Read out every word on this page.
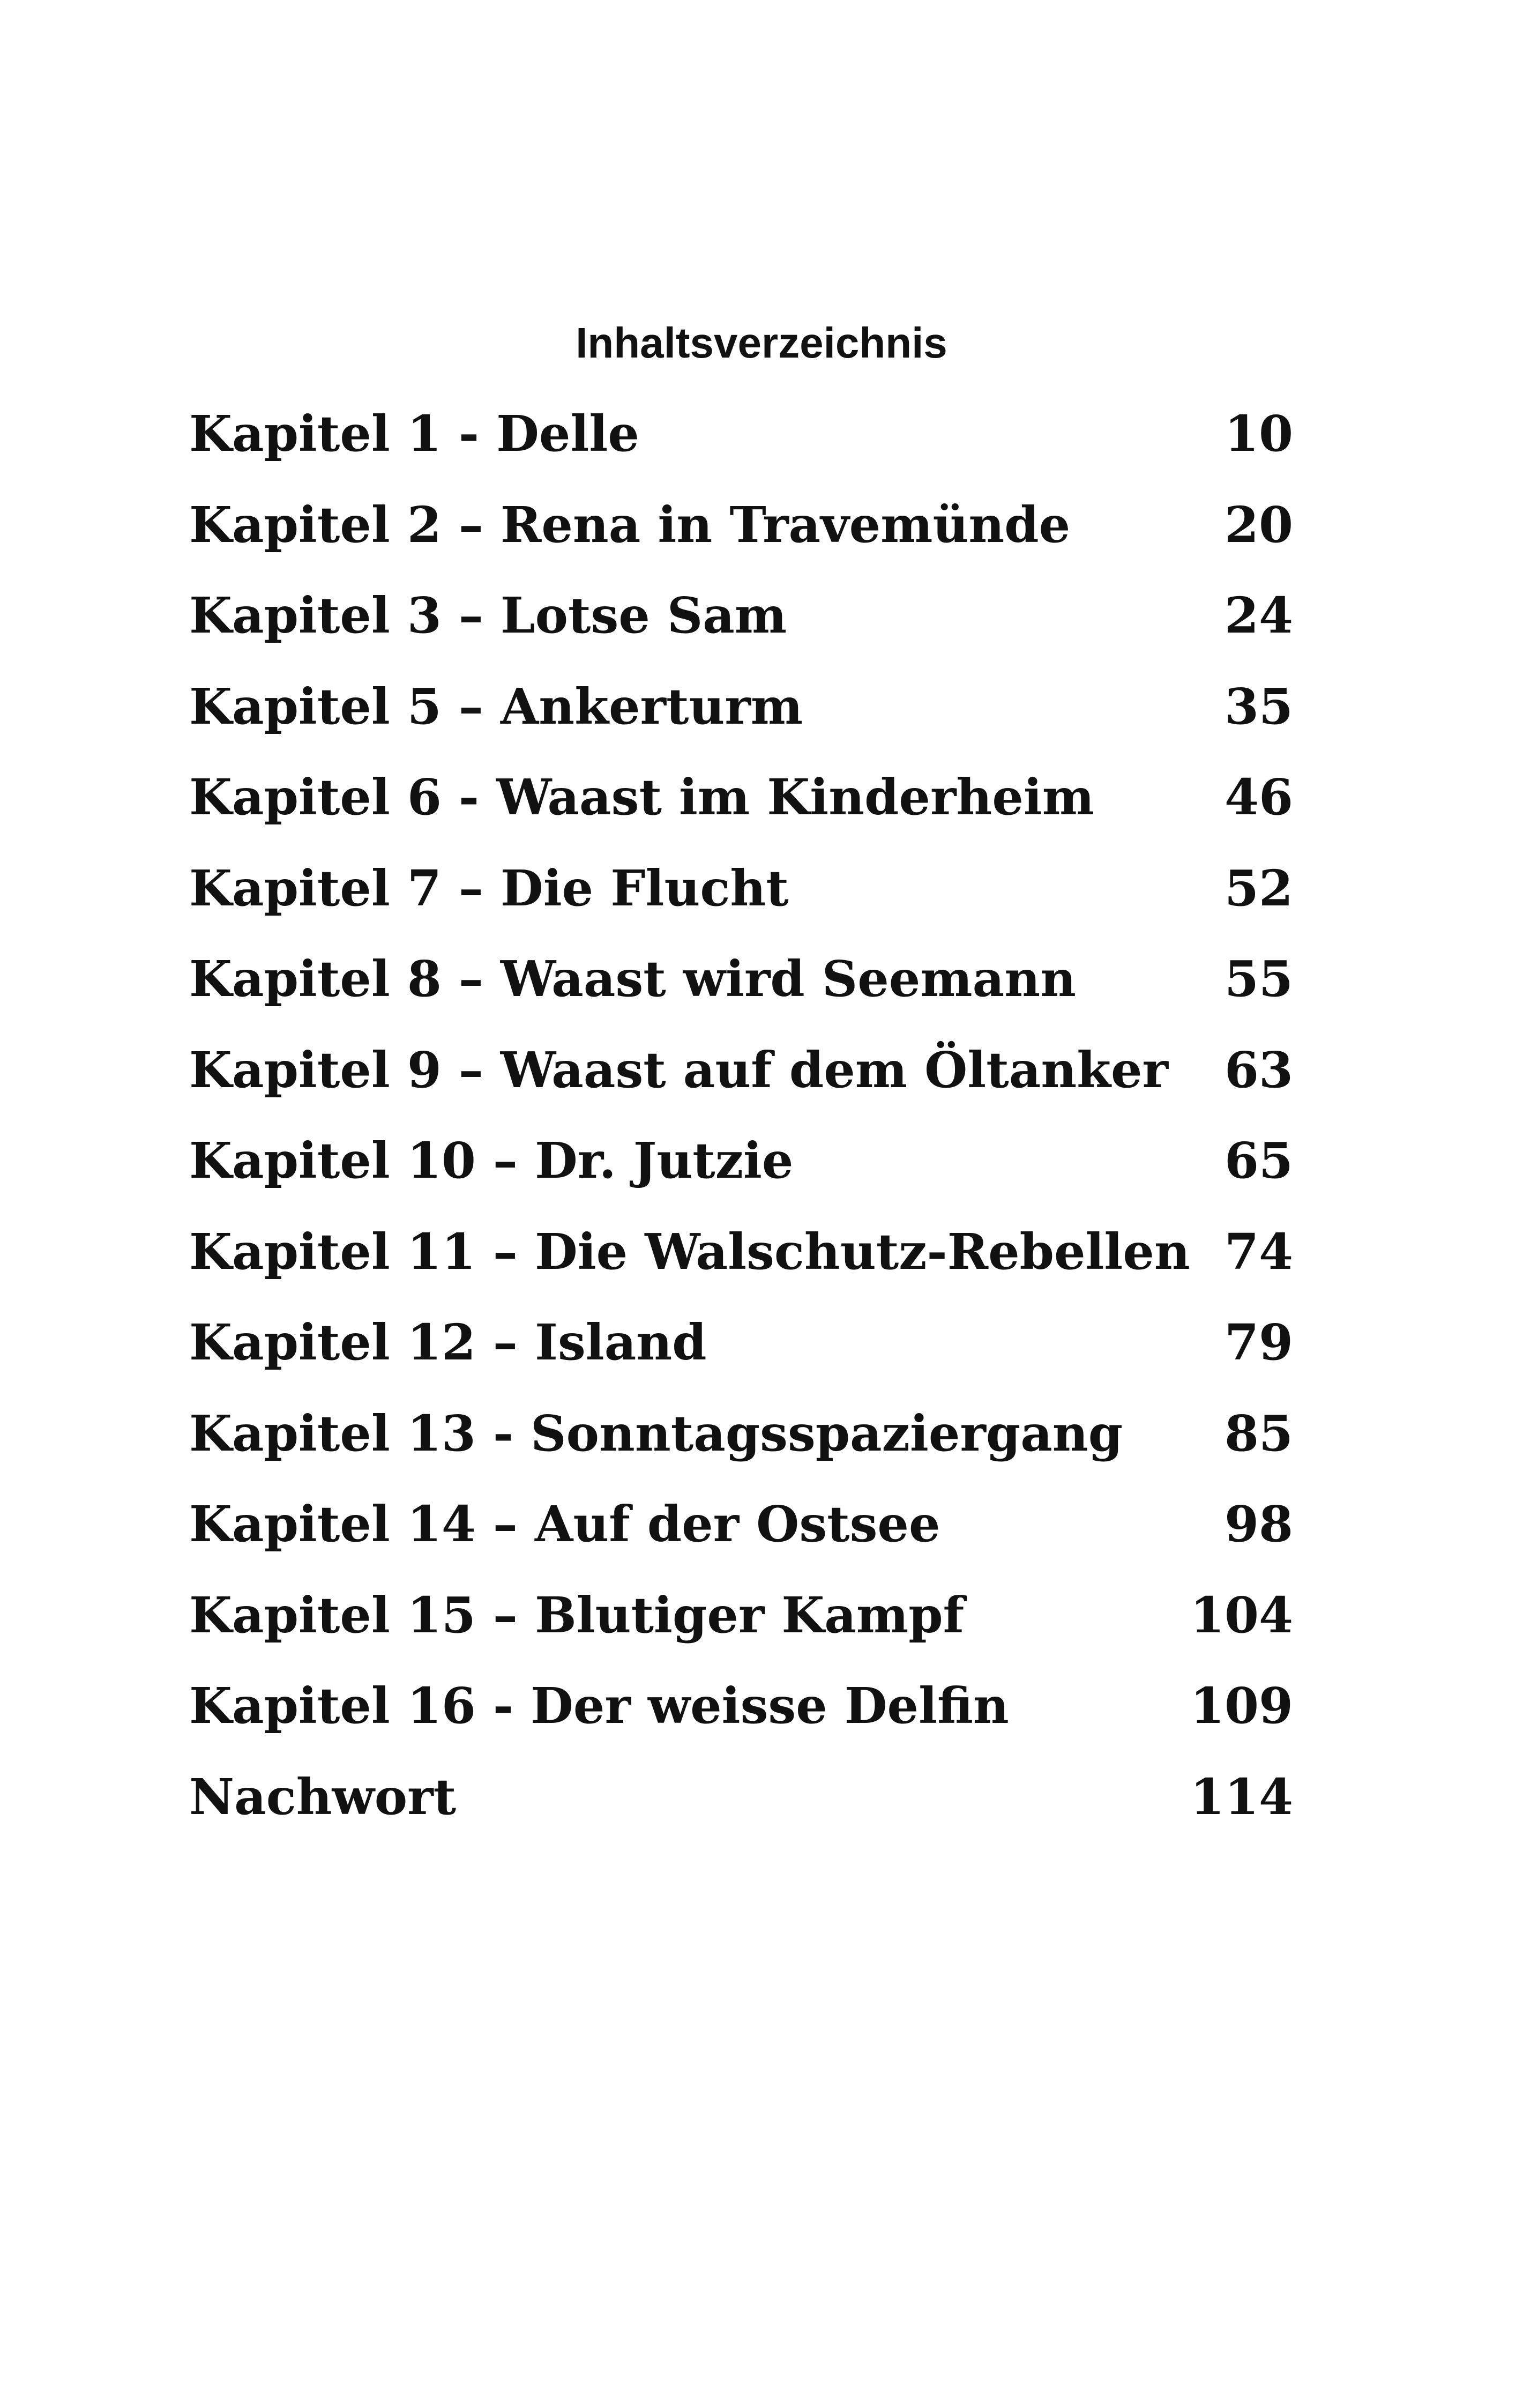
Inhaltsverzeichnis
Kapitel 1 - Delle	10
Kapitel 2 – Rena in Travemünde	20
Kapitel 3 – Lotse Sam	24
Kapitel 5 – Ankerturm	35
Kapitel 6 - Waast im Kinderheim	46
Kapitel 7 – Die Flucht	52
Kapitel 8 – Waast wird Seemann	55
Kapitel 9 – Waast auf dem Öltanker 63
Kapitel 10 – Dr. Jutzie	65
Kapitel 11 – Die Walschutz-Rebellen 74
Kapitel 12 – Island	79
Kapitel 13 - Sonntagsspaziergang 85
Kapitel 14 – Auf der Ostsee	98
Kapitel 15 – Blutiger Kampf	104
Kapitel 16 - Der weisse Delfin	109
Nachwort	114
